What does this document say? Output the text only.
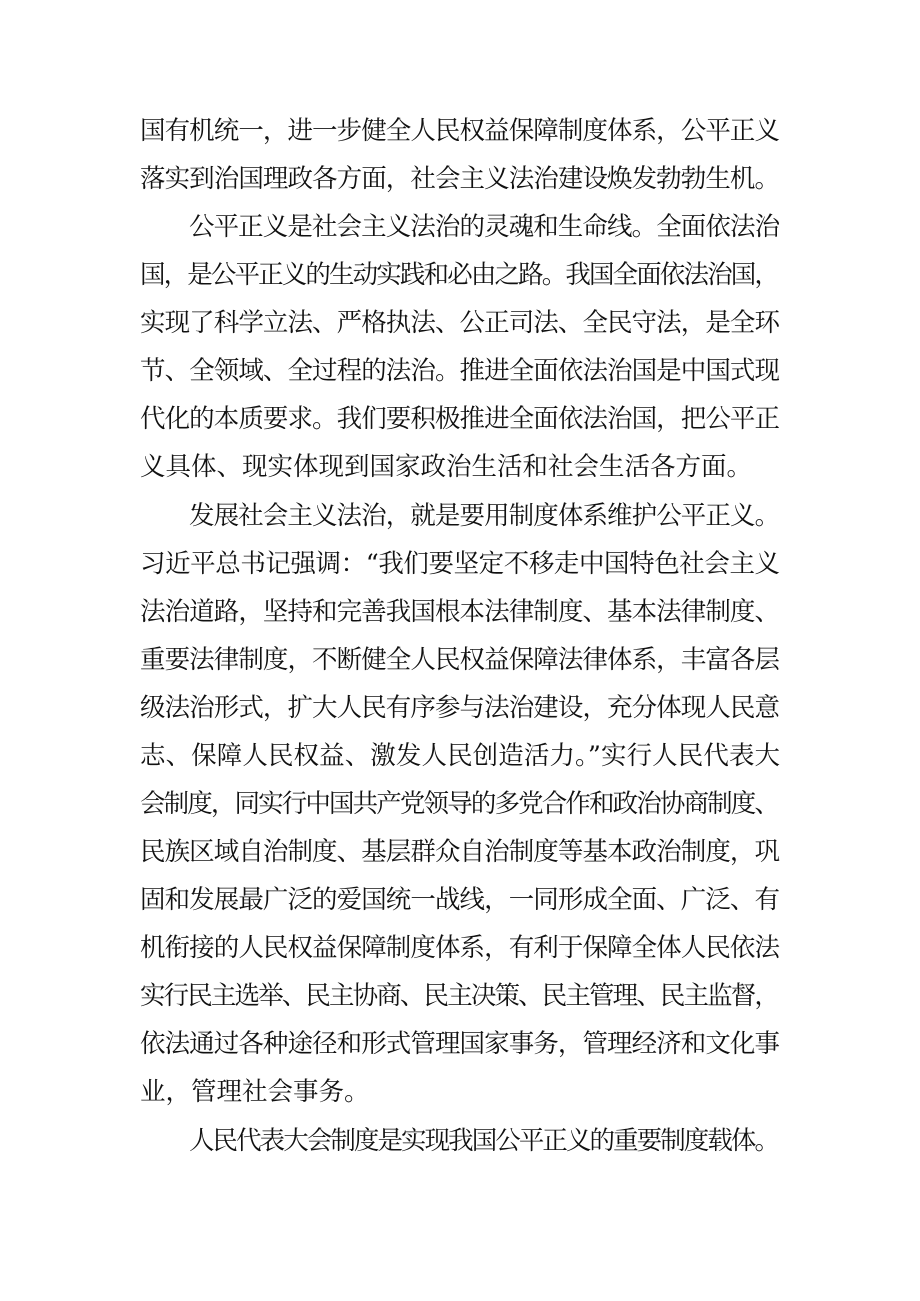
国有机统一，进一步健全人民权益保障制度体系，公平正义
落实到治国理政各方面，社会主义法治建设焕发勃勃生机。
公平正义是社会主义法治的灵魂和生命线。全面依法治
国，是公平正义的生动实践和必由之路。我国全面依法治国，
实现了科学立法、严格执法、公正司法、全民守法，是全环
节、全领域、全过程的法治。推进全面依法治国是中国式现
代化的本质要求。我们要积极推进全面依法治国，把公平正
义具体、现实体现到国家政治生活和社会生活各方面。
发展社会主义法治，就是要用制度体系维护公平正义。
习近平总书记强调：“我们要坚定不移走中国特色社会主义
法治道路，坚持和完善我国根本法律制度、基本法律制度、
重要法律制度，不断健全人民权益保障法律体系，丰富各层
级法治形式，扩大人民有序参与法治建设，充分体现人民意
志、保障人民权益、激发人民创造活力。”实行人民代表大
会制度，同实行中国共产党领导的多党合作和政治协商制度、
民族区域自治制度、基层群众自治制度等基本政治制度，巩
固和发展最广泛的爱国统一战线，一同形成全面、广泛、有
机衔接的人民权益保障制度体系，有利于保障全体人民依法
实行民主选举、民主协商、民主决策、民主管理、民主监督，
依法通过各种途径和形式管理国家事务，管理经济和文化事
业，管理社会事务。
人民代表大会制度是实现我国公平正义的重要制度载体。
